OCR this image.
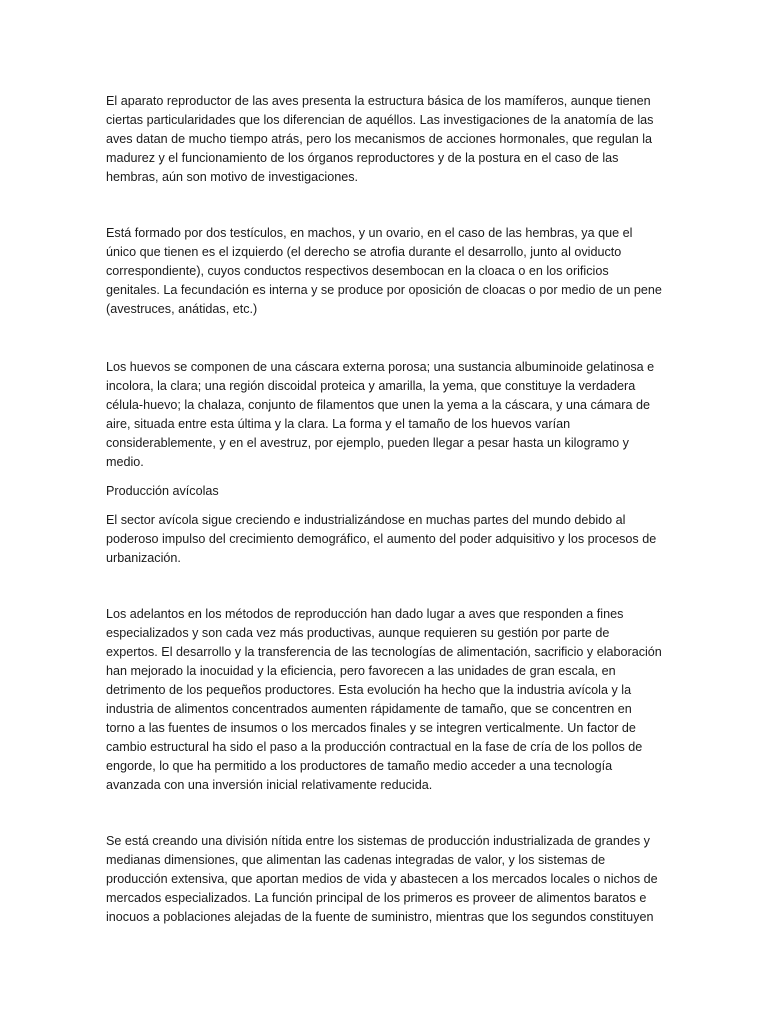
El aparato reproductor de las aves presenta la estructura básica de los mamíferos, aunque tienen ciertas particularidades que los diferencian de aquéllos. Las investigaciones de la anatomía de las aves datan de mucho tiempo atrás, pero los mecanismos de acciones hormonales, que regulan la madurez y el funcionamiento de los órganos reproductores y de la postura en el caso de las hembras, aún son motivo de investigaciones.

Está formado por dos testículos, en machos, y un ovario, en el caso de las hembras, ya que el único que tienen es el izquierdo (el derecho se atrofia durante el desarrollo, junto al oviducto correspondiente), cuyos conductos respectivos desembocan en la cloaca o en los orificios genitales. La fecundación es interna y se produce por oposición de cloacas o por medio de un pene (avestruces, anátidas, etc.)

Los huevos se componen de una cáscara externa porosa; una sustancia albuminoide gelatinosa e incolora, la clara; una región discoidal proteica y amarilla, la yema, que constituye la verdadera célula-huevo; la chalaza, conjunto de filamentos que unen la yema a la cáscara, y una cámara de aire, situada entre esta última y la clara. La forma y el tamaño de los huevos varían considerablemente, y en el avestruz, por ejemplo, pueden llegar a pesar hasta un kilogramo y medio.

Producción avícolas

El sector avícola sigue creciendo e industrializándose en muchas partes del mundo debido al poderoso impulso del crecimiento demográfico, el aumento del poder adquisitivo y los procesos de urbanización.

Los adelantos en los métodos de reproducción han dado lugar a aves que responden a fines especializados y son cada vez más productivas, aunque requieren su gestión por parte de expertos. El desarrollo y la transferencia de las tecnologías de alimentación, sacrificio y elaboración han mejorado la inocuidad y la eficiencia, pero favorecen a las unidades de gran escala, en detrimento de los pequeños productores. Esta evolución ha hecho que la industria avícola y la industria de alimentos concentrados aumenten rápidamente de tamaño, que se concentren en torno a las fuentes de insumos o los mercados finales y se integren verticalmente. Un factor de cambio estructural ha sido el paso a la producción contractual en la fase de cría de los pollos de engorde, lo que ha permitido a los productores de tamaño medio acceder a una tecnología avanzada con una inversión inicial relativamente reducida.

Se está creando una división nítida entre los sistemas de producción industrializada de grandes y medianas dimensiones, que alimentan las cadenas integradas de valor, y los sistemas de producción extensiva, que aportan medios de vida y abastecen a los mercados locales o nichos de mercados especializados. La función principal de los primeros es proveer de alimentos baratos e inocuos a poblaciones alejadas de la fuente de suministro, mientras que los segundos constituyen
